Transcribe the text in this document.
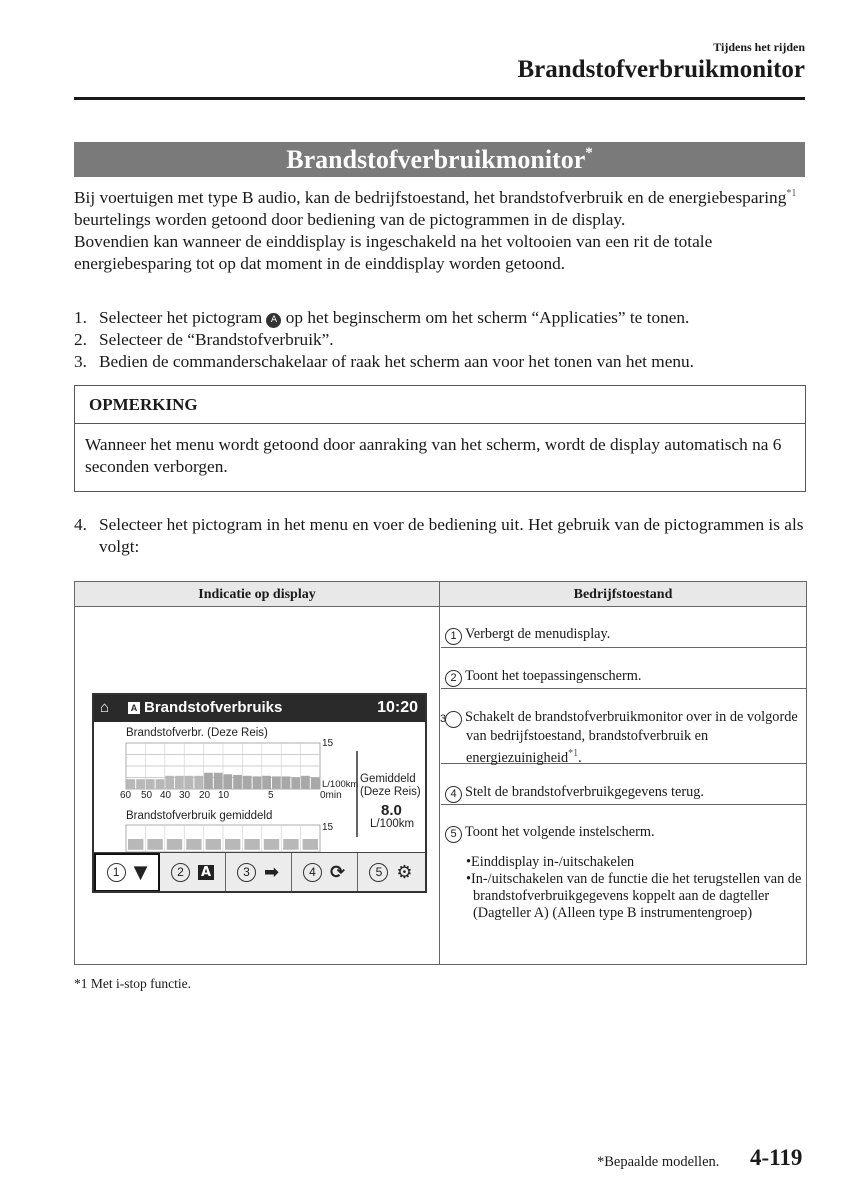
Tijdens het rijden
Brandstofverbruikmonitor
Brandstofverbruikmonitor*

Bij voertuigen met type B audio, kan de bedrijfstoestand, het brandstofverbruik en de energiebesparing$^{*1}$ beurtelings worden getoond door bediening van de pictogrammen in de display.

Bovendien kan wanneer de einddisplay is ingeschakeld na het voltooien van een rit de totale energiebesparing tot op dat moment in de einddisplay worden getoond.

1. Selecteer het pictogram A op het beginscherm om het scherm “Applicaties” te tonen.
2. Selecteer de “Brandstofverbruik”.
3. Bedien de commanderschakelaar of raak het scherm aan voor het tonen van het menu.
OPMERKING
Wanneer het menu wordt getoond door aanraking van het scherm, wordt de display automatisch na 6 seconden verborgen.
4. Selecteer het pictogram in het menu en voer de bediening uit. Het gebruik van de pictogrammen is als volgt:
Indicatie op display	Bedrijfstoestand
1 Verbergt de menudisplay.
2 Toont het toepassingenscherm.
3 Schakelt de brandstofverbruikmonitor over in de volgorde van bedrijfstoestand, brandstofverbruik en energiezuinigheid$^{*1}$.
4 Stelt de brandstofverbruikgegevens terug.
5 Toont het volgende instelscherm.
•Einddisplay in-/uitschakelen
•In-/uitschakelen van de functie die het terugstellen van de brandstofverbruikgegevens koppelt aan de dagteller (Dagteller A) (Alleen type B instrumentengroep)
⌂	A Brandstofverbruiks	10:20
Brandstofverbr. (Deze Reis)
15
L/100km
0min
Gemiddeld
(Deze Reis)
8.0
L/100km
60 50 40 30 20 10	5
Brandstofverbruik gemiddeld
15
1 ▼	2	A	3 ➡	4 ⟳	5 ⚙
*1 Met i-stop functie.
*Bepaalde modellen. 4-119
